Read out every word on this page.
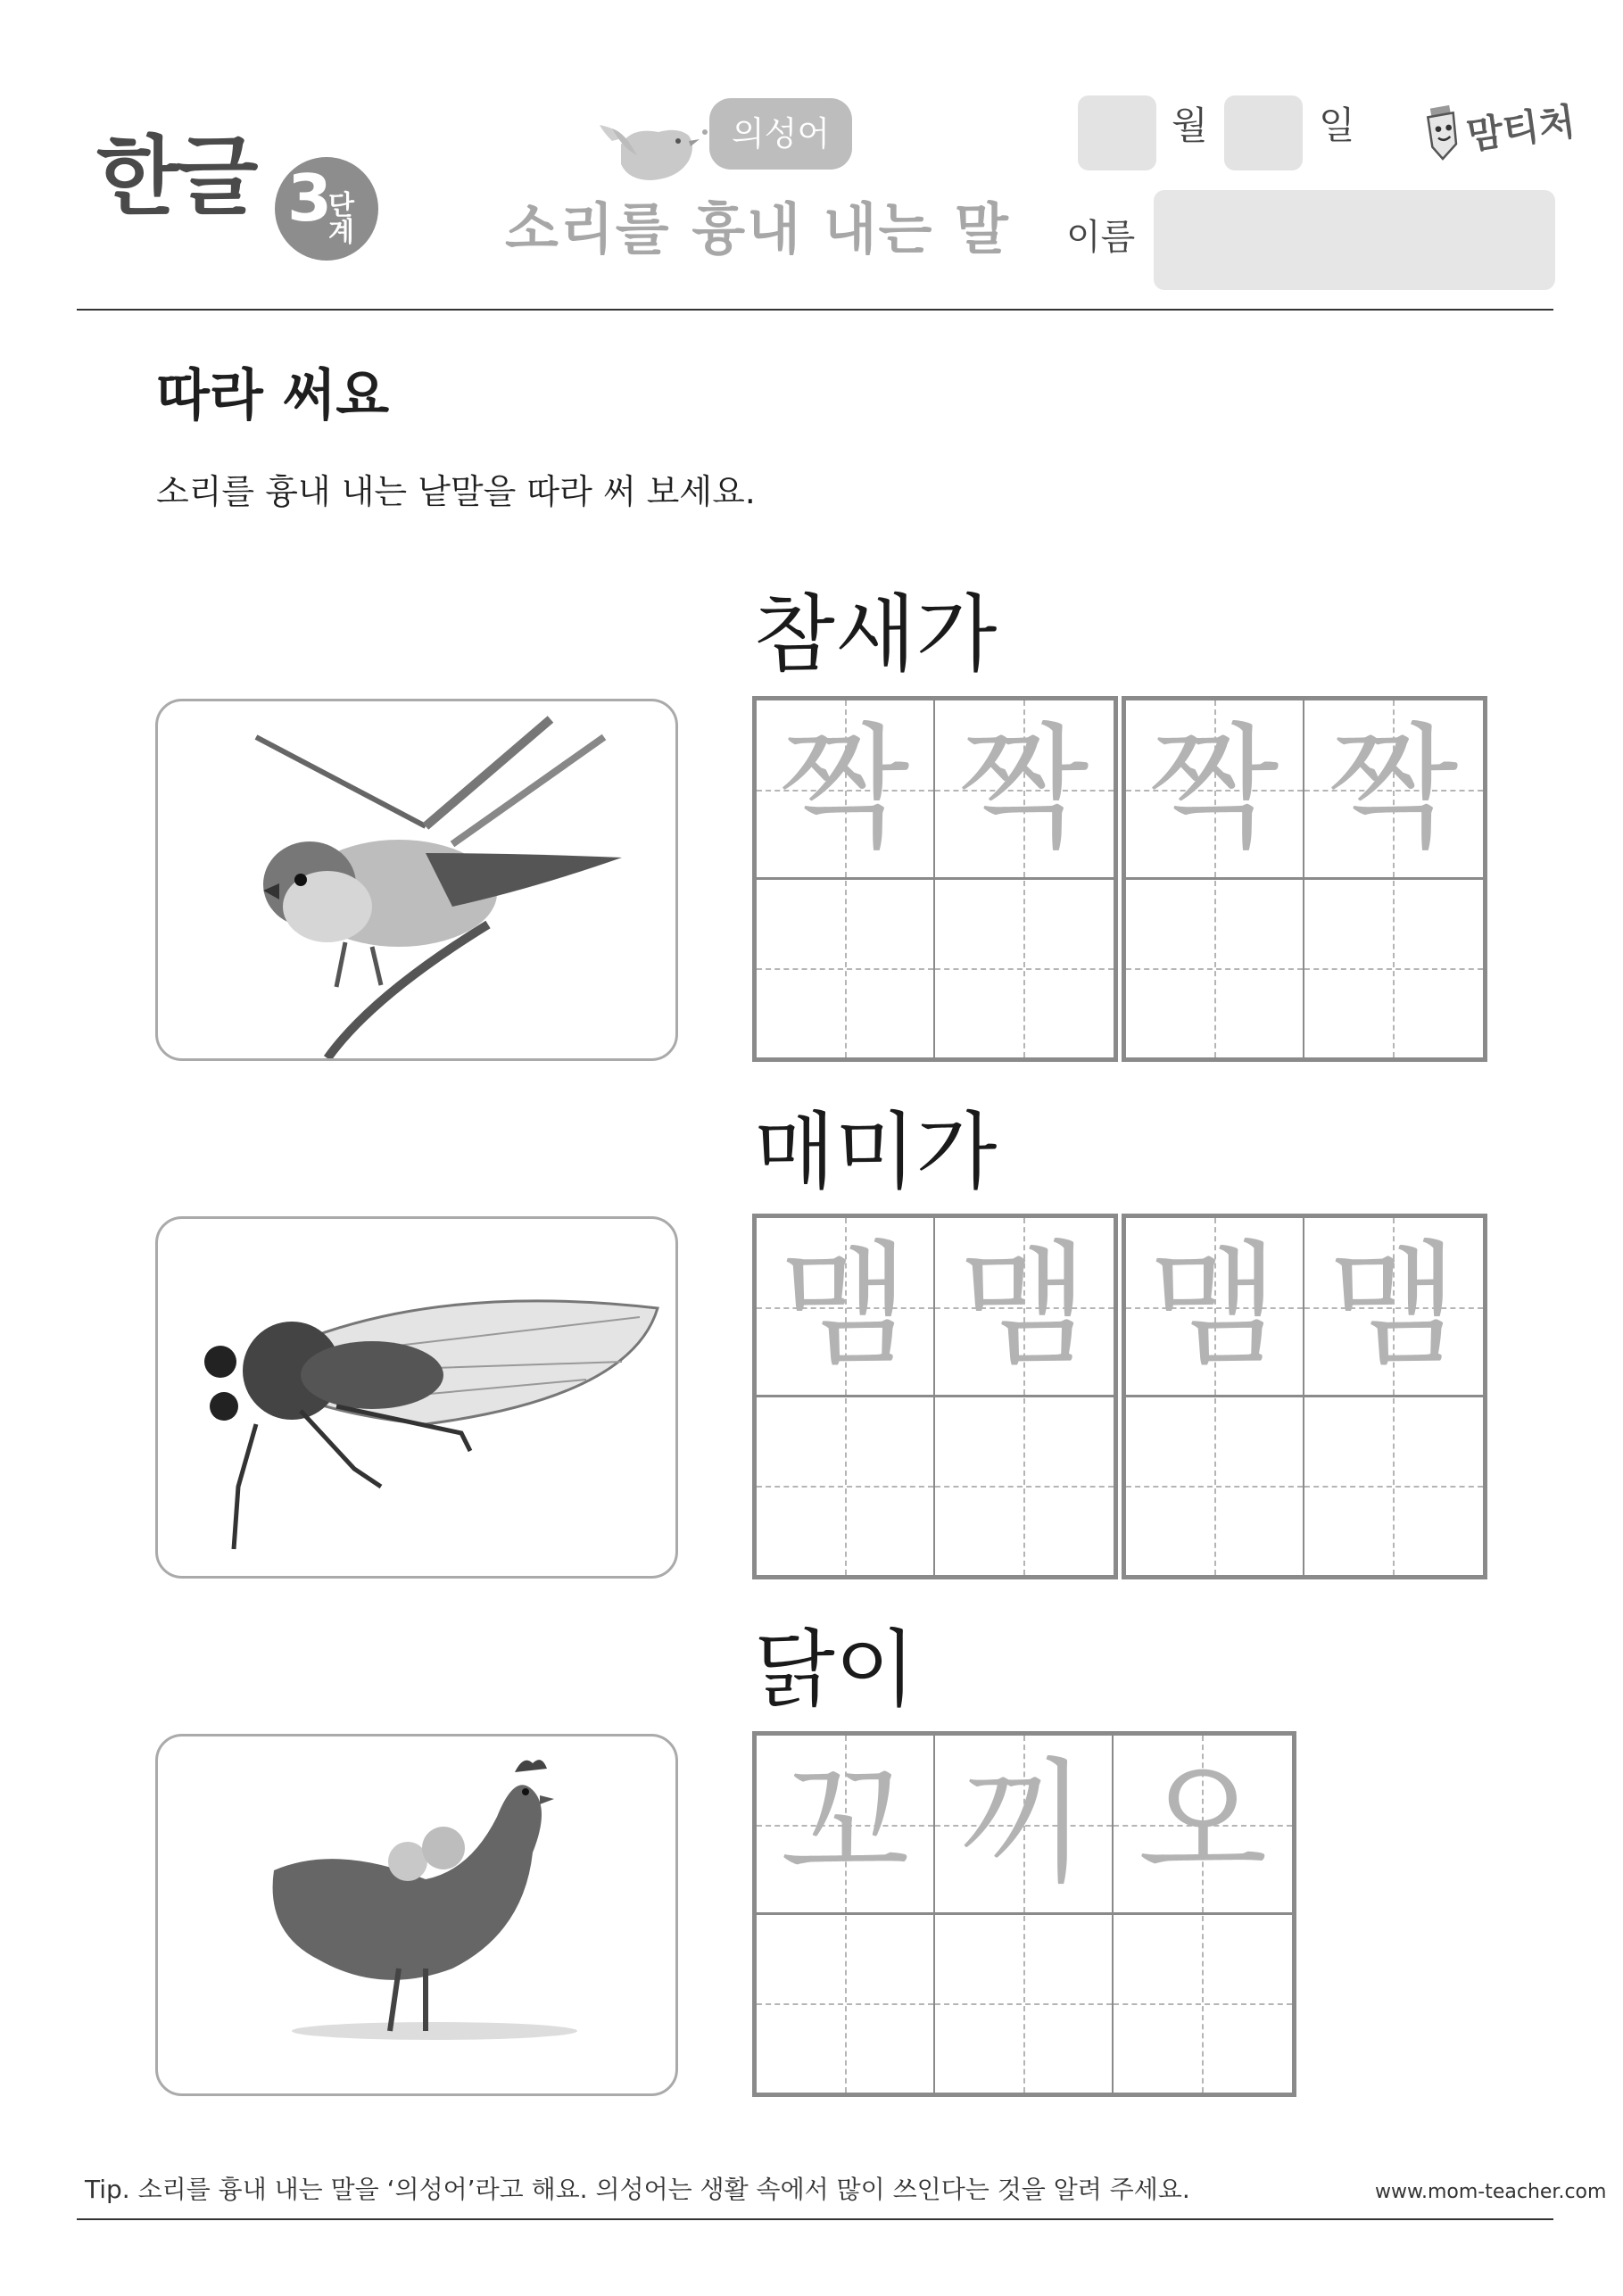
한글 3
단계
의성어
소리를 흉내 내는 말
월	일
이름
맘티처
따라 써요
소리를 흉내 내는 낱말을 따라 써 보세요.
참새가
짝 짝 짝 짝
매미가
맴 맴 맴 맴
닭이
꼬 끼 오
Tip. 소리를 흉내 내는 말을 ‘의성어’라고 해요. 의성어는 생활 속에서 많이 쓰인다는 것을 알려 주세요.	www.mom-teacher.com
